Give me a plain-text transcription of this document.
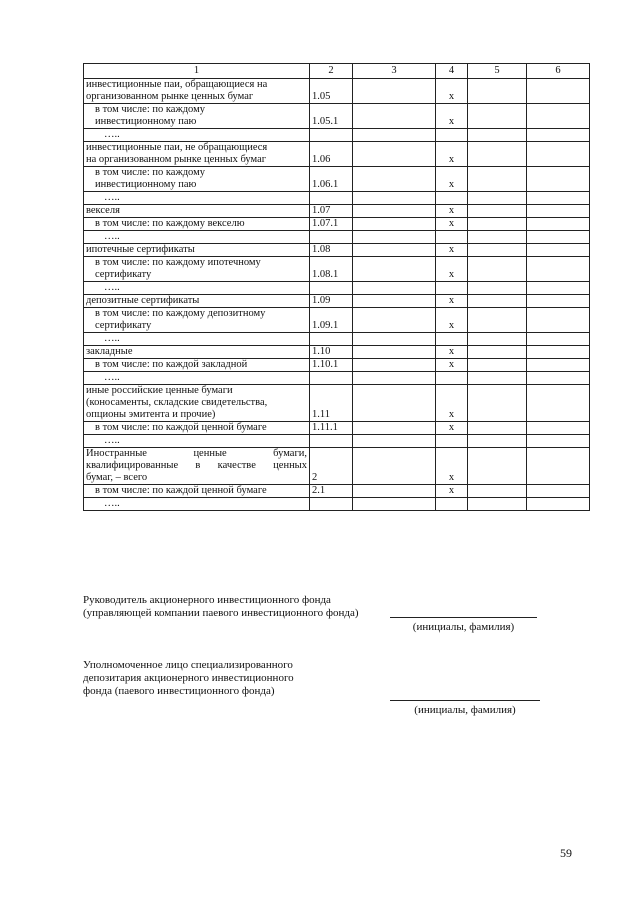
1	2	3	4	5	6

инвестиционные паи, обращающиеся на
организованном рынке ценных бумаг	1.05		x		

в том числе: по каждому
инвестиционному паю	1.05.1		x		

…..					

инвестиционные паи, не обращающиеся
на организованном рынке ценных бумаг	1.06		x		

в том числе: по каждому
инвестиционному паю	1.06.1		x		

…..					

векселя	1.07		x		

в том числе: по каждому векселю	1.07.1		x		

…..					

ипотечные сертификаты	1.08		x		

в том числе: по каждому ипотечному
сертификату	1.08.1		x		

…..					

депозитные сертификаты	1.09		x		

в том числе: по каждому депозитному
сертификату	1.09.1		x		

…..					

закладные	1.10		x		

в том числе: по каждой закладной	1.10.1		x		

…..					

иные российские ценные бумаги
(коносаменты, складские свидетельства,
опционы эмитента и прочие)	1.11		x		

в том числе: по каждой ценной бумаге	1.11.1		x		

…..					

Иностранные ценные бумаги,
квалифицированные в качестве ценных
бумаг, – всего	2		x		

в том числе: по каждой ценной бумаге	2.1		x		

…..					

Руководитель акционерного инвестиционного фонда
(управляющей компании паевого инвестиционного фонда)
(инициалы, фамилия)
Уполномоченное лицо специализированного
депозитария акционерного инвестиционного
фонда (паевого инвестиционного фонда)
(инициалы, фамилия)
59
